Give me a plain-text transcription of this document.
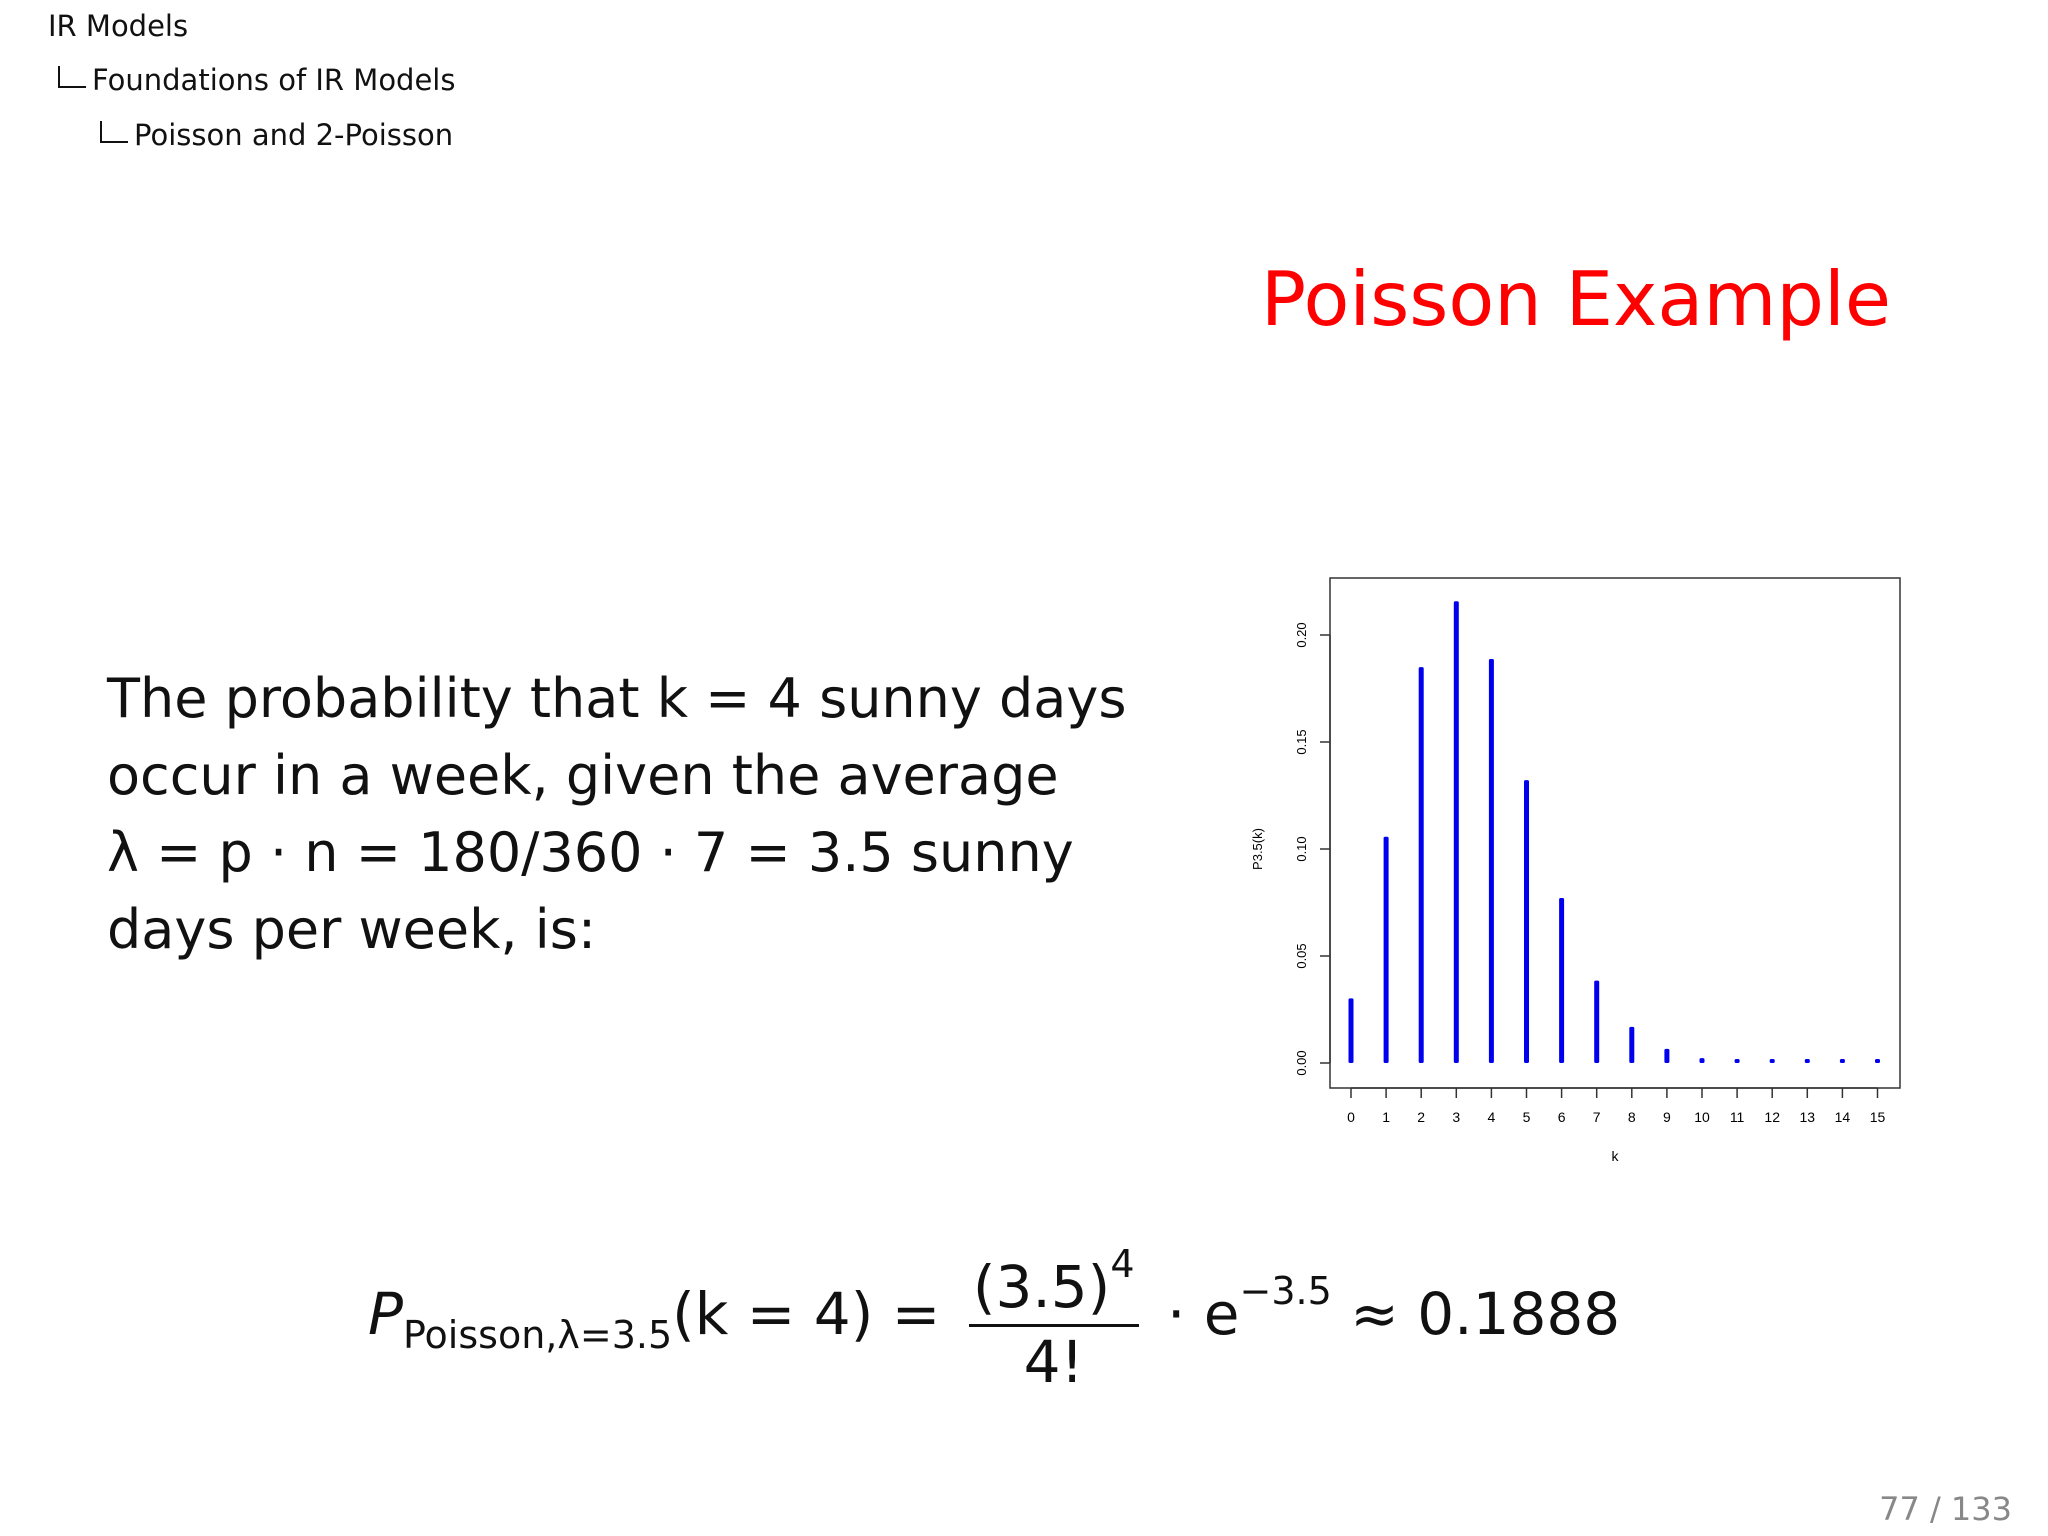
IR Models
Foundations of IR Models
Poisson and 2-Poisson
Poisson Example
The probability that k = 4 sunny days
occur in a week, given the average
λ = p · n = 180/360 · 7 = 3.5 sunny
days per week, is:
0.00
0.05
0.10
0.15
0.20
P3.5(k)
0 1 2 3 4 5 6 7 8 9 10 11 12 13 14 15
k
$P_{Poisson,\lambda=3.5}(k = 4) = \frac{(3.5)^4}{4!} \cdot e^{-3.5} \approx 0.1888$
77 / 133
